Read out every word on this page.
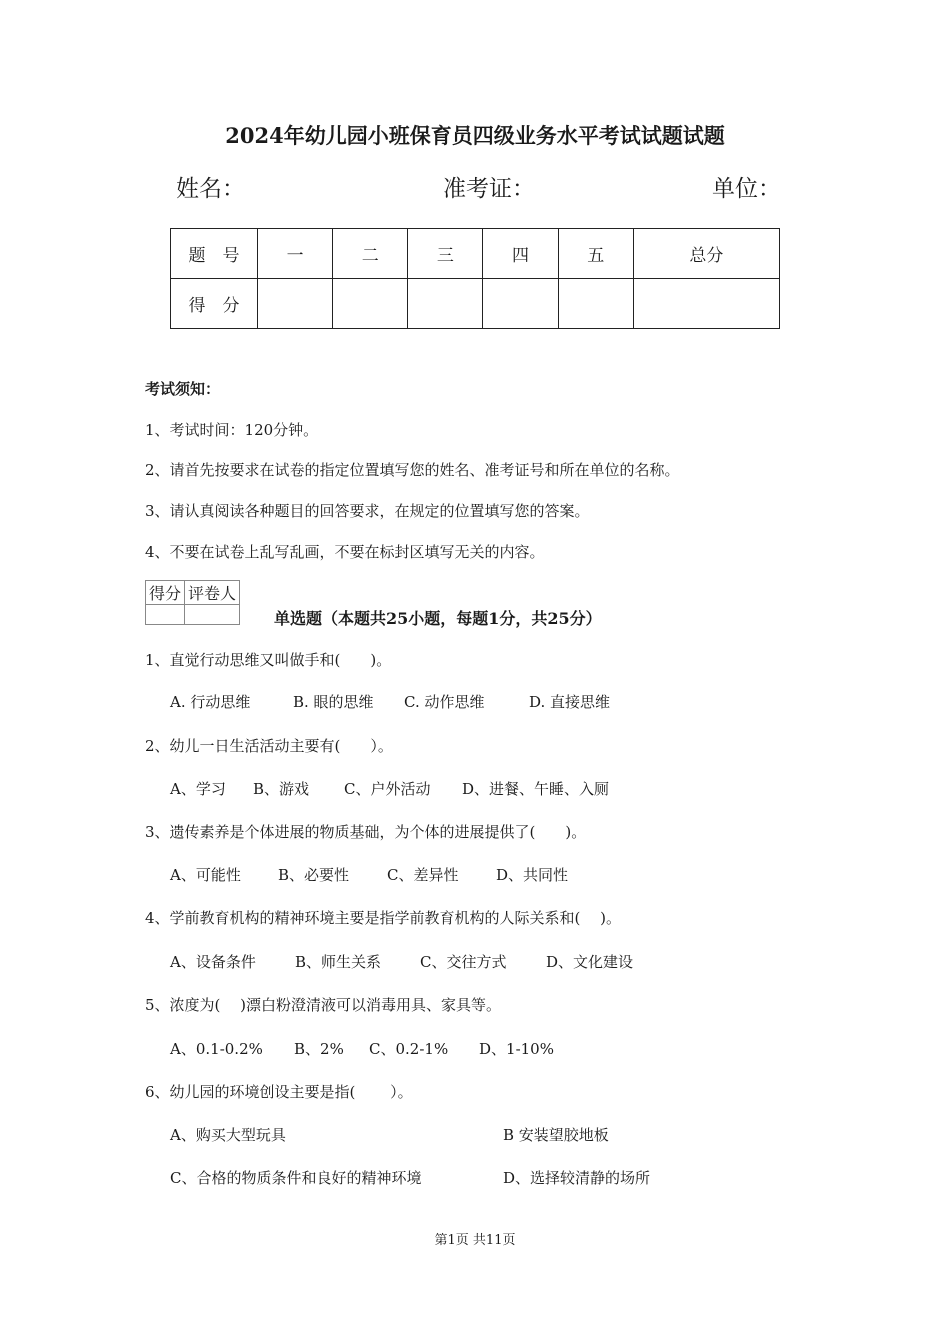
2024年幼儿园小班保育员四级业务水平考试试题试题
姓名：	准考证：	单位：
题　号	一	二	三	四	五	总分
得　分						
考试须知：
1、考试时间：120分钟。
2、请首先按要求在试卷的指定位置填写您的姓名、准考证号和所在单位的名称。
3、请认真阅读各种题目的回答要求，在规定的位置填写您的答案。
4、不要在试卷上乱写乱画，不要在标封区填写无关的内容。
得分	评卷人

单选题（本题共25小题，每题1分，共25分）
1、直觉行动思维又叫做手和(　　)。
A. 行动思维	B. 眼的思维 C. 动作思维	D. 直接思维
2、幼儿一日生活活动主要有(　　）。
A、学习 B、游戏 C、户外活动 D、进餐、午睡、入厕
3、遗传素养是个体进展的物质基础，为个体的进展提供了(　　)。
A、可能性 B、必要性	C、差异性	D、共同性
4、学前教育机构的精神环境主要是指学前教育机构的人际关系和(　 )。
A、设备条件	B、师生关系	C、交往方式	D、文化建设
5、浓度为(　 )漂白粉澄清液可以消毒用具、家具等。
A、0.1-0.2% B、2% C、0.2-1% D、1-10%
6、幼儿园的环境创设主要是指(　　 ）。
A、购买大型玩具	B 安装望胶地板
C、合格的物质条件和良好的精神环境	D、选择较清静的场所
第1页 共11页
